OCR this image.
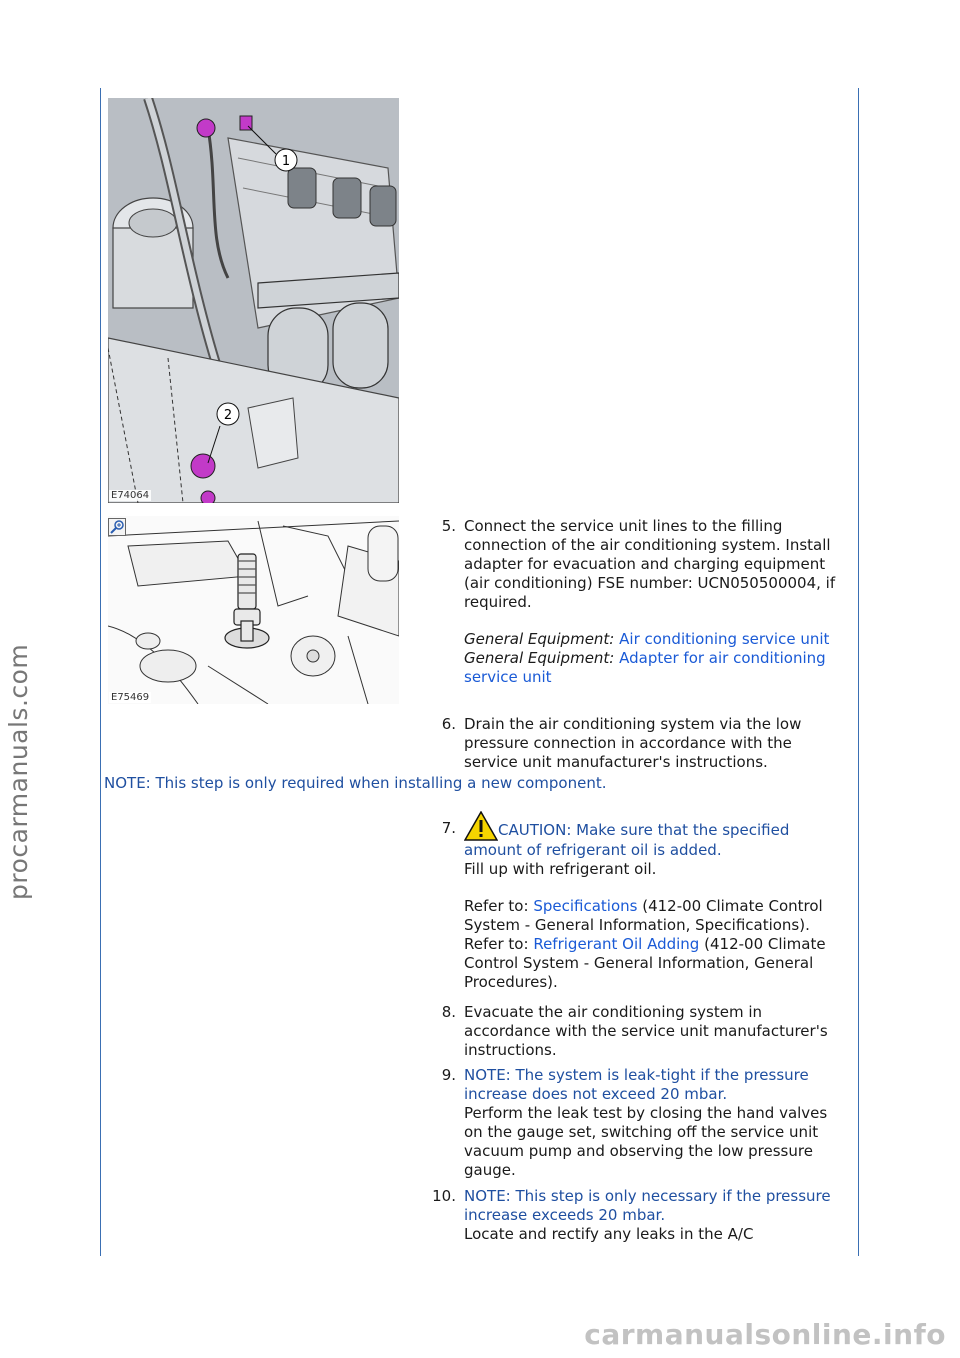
procarmanuals.com
carmanualsonline.info
1
2
E74064
E75469
5. Connect the service unit lines to the filling connection of the air conditioning system. Install adapter for evacuation and charging equipment (air conditioning) FSE number: UCN050500004, if required.

General Equipment: Air conditioning service unit

General Equipment: Adapter for air conditioning service unit

6. Drain the air conditioning system via the low pressure connection in accordance with the service unit manufacturer's instructions.

NOTE: This step is only required when installing a new component.
7.	CAUTION: Make sure that the specified amount of refrigerant oil is added.

Fill up with refrigerant oil.

Refer to: Specifications (412-00 Climate Control System - General Information, Specifications).

Refer to: Refrigerant Oil Adding (412-00 Climate Control System - General Information, General Procedures).

8. Evacuate the air conditioning system in accordance with the service unit manufacturer's instructions.

9. NOTE: The system is leak-tight if the pressure increase does not exceed 20 mbar.

Perform the leak test by closing the hand valves on the gauge set, switching off the service unit vacuum pump and observing the low pressure gauge.

10. NOTE: This step is only necessary if the pressure increase exceeds 20 mbar.

Locate and rectify any leaks in the A/C
